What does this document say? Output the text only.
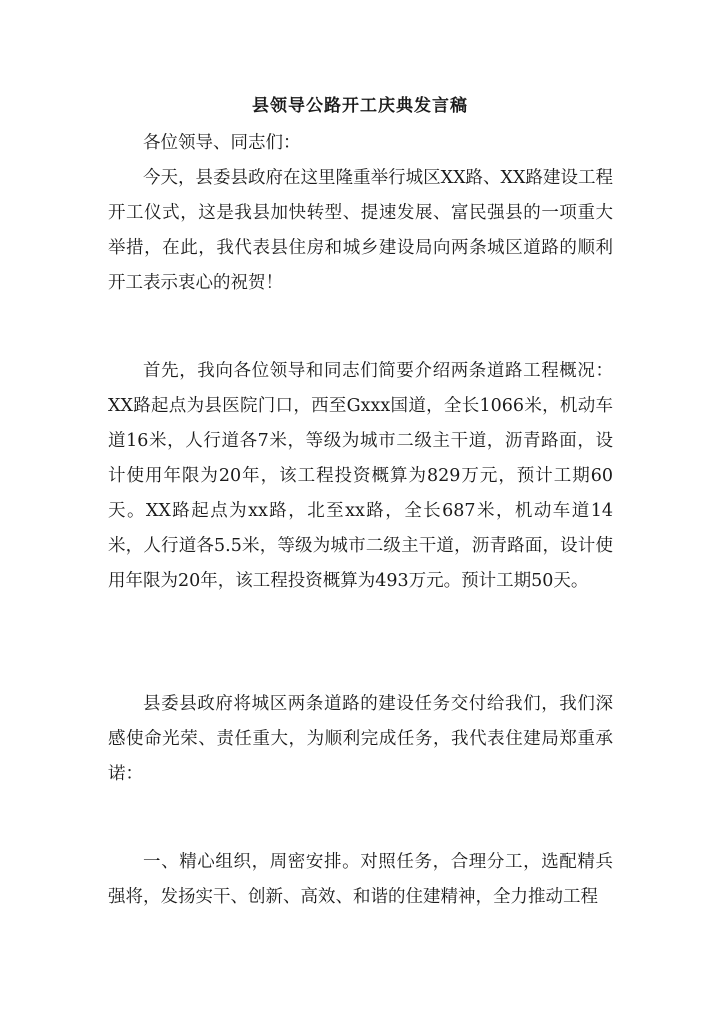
县领导公路开工庆典发言稿

各位领导、同志们：

今天，县委县政府在这里隆重举行城区XX路、XX路建设工程开工仪式，这是我县加快转型、提速发展、富民强县的一项重大举措，在此，我代表县住房和城乡建设局向两条城区道路的顺利开工表示衷心的祝贺！

首先，我向各位领导和同志们简要介绍两条道路工程概况：XX路起点为县医院门口，西至Gxxx国道，全长1066米，机动车道16米，人行道各7米，等级为城市二级主干道，沥青路面，设计使用年限为20年，该工程投资概算为829万元，预计工期60天。XX路起点为xx路，北至xx路，全长687米，机动车道14米，人行道各5.5米，等级为城市二级主干道，沥青路面，设计使用年限为20年，该工程投资概算为493万元。预计工期50天。

县委县政府将城区两条道路的建设任务交付给我们，我们深感使命光荣、责任重大，为顺利完成任务，我代表住建局郑重承诺：

一、精心组织，周密安排。对照任务，合理分工，选配精兵强将，发扬实干、创新、高效、和谐的住建精神，全力推动工程
